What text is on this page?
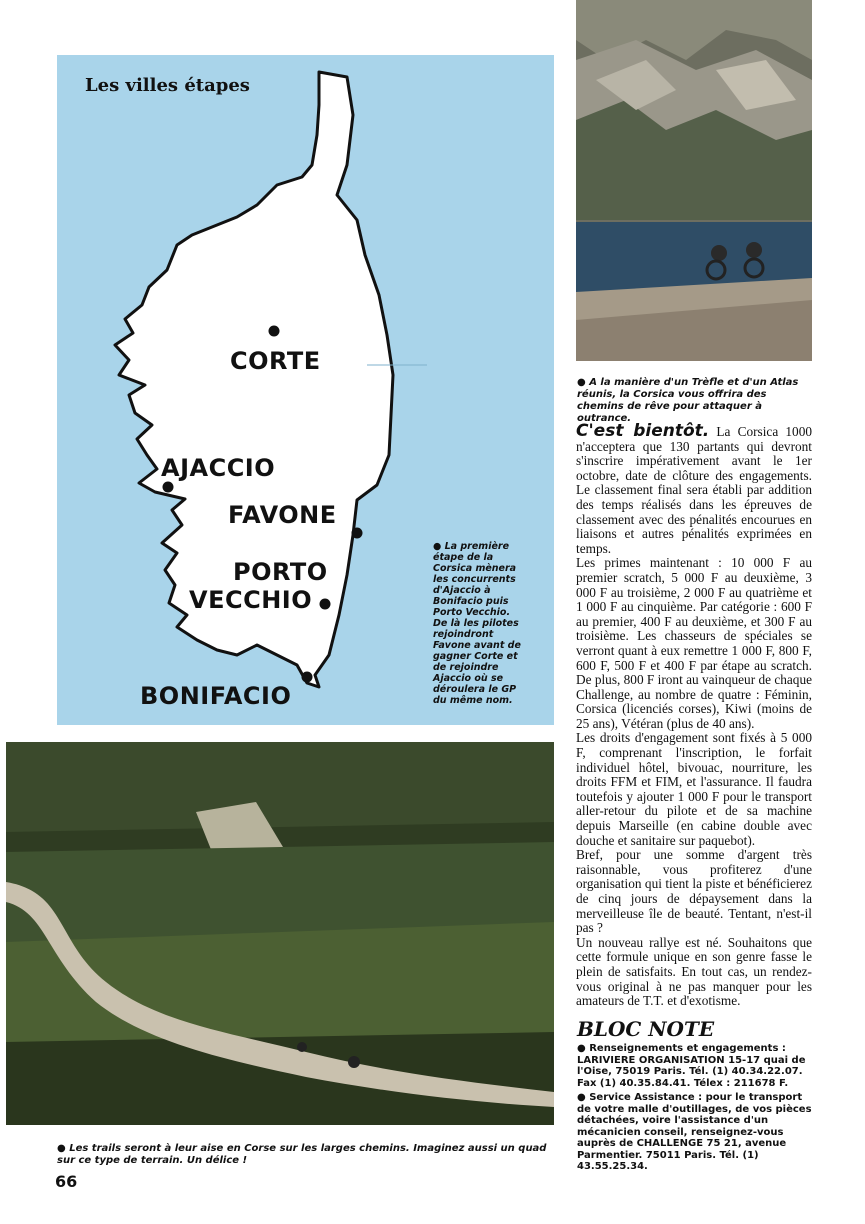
Les villes étapes
CORTE
AJACCIO
FAVONE
PORTO
VECCHIO
BONIFACIO
● La première étape de la Corsica mènera les concurrents d'Ajaccio à Bonifacio puis Porto Vecchio. De là les pilotes rejoindront Favone avant de gagner Corte et de rejoindre Ajaccio où se déroulera le GP du même nom.
● A la manière d'un Trèfle et d'un Atlas réunis, la Corsica vous offrira des chemins de rêve pour attaquer à outrance.
● Les trails seront à leur aise en Corse sur les larges chemins. Imaginez aussi un quad sur ce type de terrain. Un délice !

C'est bientôt. La Corsica 1000 n'acceptera que 130 partants qui devront s'inscrire impérativement avant le 1er octobre, date de clôture des engagements. Le classement final sera établi par addition des temps réalisés dans les épreuves de classement avec des pénalités encourues en liaisons et autres pénalités exprimées en temps.

Les primes maintenant : 10 000 F au premier scratch, 5 000 F au deuxième, 3 000 F au troisième, 2 000 F au quatrième et 1 000 F au cinquième. Par catégorie : 600 F au premier, 400 F au deuxième, et 300 F au troisième. Les chasseurs de spéciales se verront quant à eux remettre 1 000 F, 800 F, 600 F, 500 F et 400 F par étape au scratch. De plus, 800 F iront au vainqueur de chaque Challenge, au nombre de quatre : Féminin, Corsica (licenciés corses), Kiwi (moins de 25 ans), Vétéran (plus de 40 ans).

Les droits d'engagement sont fixés à 5 000 F, comprenant l'inscription, le forfait individuel hôtel, bivouac, nourriture, les droits FFM et FIM, et l'assurance. Il faudra toutefois y ajouter 1 000 F pour le transport aller-retour du pilote et de sa machine depuis Marseille (en cabine double avec douche et sanitaire sur paquebot).

Bref, pour une somme d'argent très raisonnable, vous profiterez d'une organisation qui tient la piste et bénéficierez de cinq jours de dépaysement dans la merveilleuse île de beauté. Tentant, n'est-il pas ?

Un nouveau rallye est né. Souhaitons que cette formule unique en son genre fasse le plein de satisfaits. En tout cas, un rendez-vous original à ne pas manquer pour les amateurs de T.T. et d'exotisme.

BLOC NOTE
● Renseignements et engagements : LARIVIERE ORGANISATION 15-17 quai de l'Oise, 75019 Paris. Tél. (1) 40.34.22.07. Fax (1) 40.35.84.41. Télex : 211678 F.
● Service Assistance : pour le transport de votre malle d'outillages, de vos pièces détachées, voire l'assistance d'un mécanicien conseil, renseignez-vous auprès de CHALLENGE 75 21, avenue Parmentier. 75011 Paris. Tél. (1) 43.55.25.34.
66
